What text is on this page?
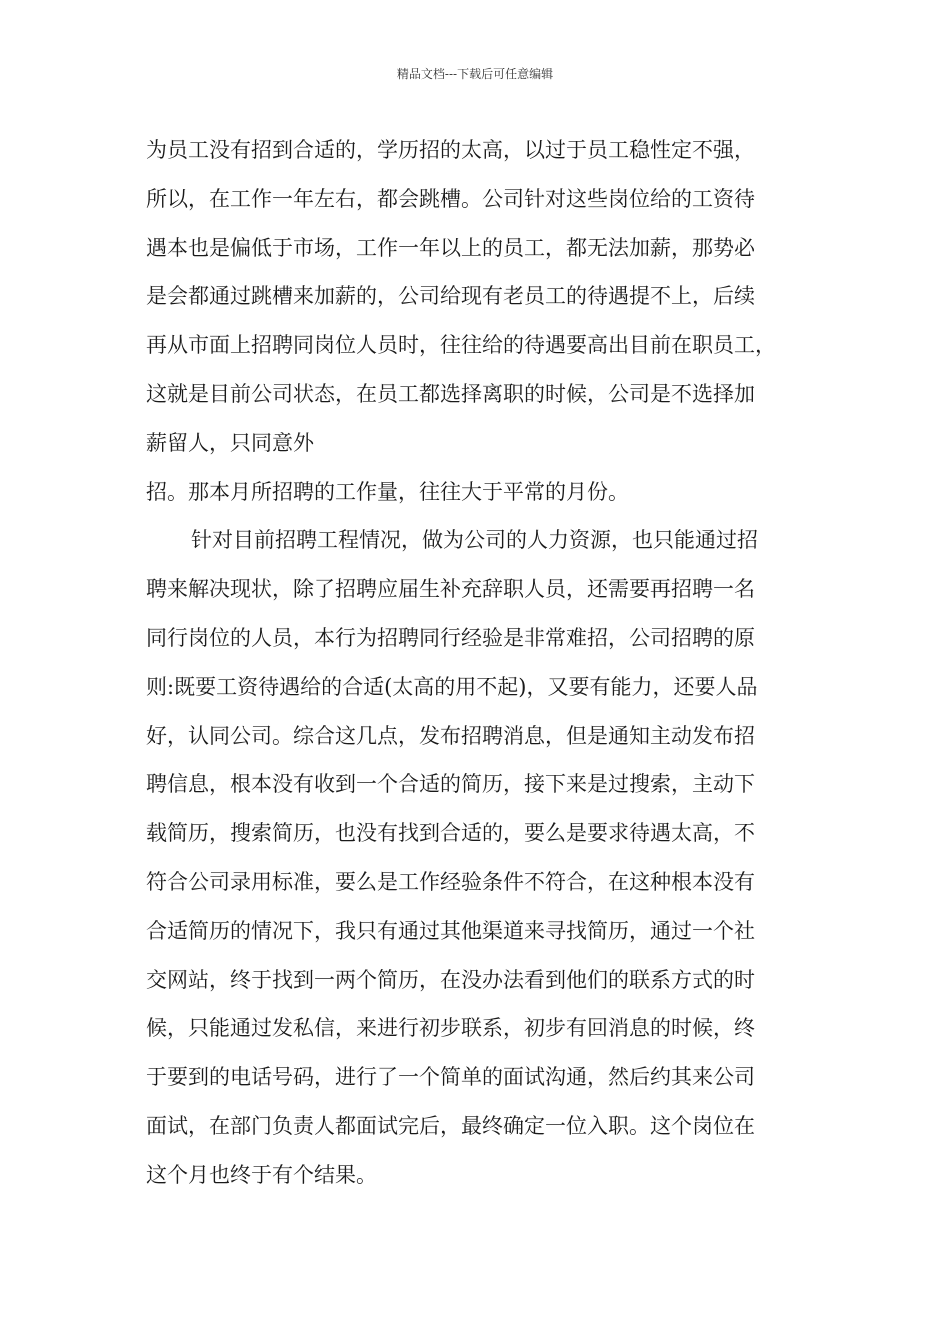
精品文档---下载后可任意编辑
为员工没有招到合适的，学历招的太高，以过于员工稳性定不强，
所以，在工作一年左右，都会跳槽。公司针对这些岗位给的工资待
遇本也是偏低于市场，工作一年以上的员工，都无法加薪，那势必
是会都通过跳槽来加薪的，公司给现有老员工的待遇提不上，后续
再从市面上招聘同岗位人员时，往往给的待遇要高出目前在职员工，
这就是目前公司状态，在员工都选择离职的时候，公司是不选择加
薪留人，只同意外
招。那本月所招聘的工作量，往往大于平常的月份。
针对目前招聘工程情况，做为公司的人力资源，也只能通过招
聘来解决现状，除了招聘应届生补充辞职人员，还需要再招聘一名
同行岗位的人员，本行为招聘同行经验是非常难招，公司招聘的原
则:既要工资待遇给的合适(太高的用不起)，又要有能力，还要人品
好，认同公司。综合这几点，发布招聘消息，但是通知主动发布招
聘信息，根本没有收到一个合适的简历，接下来是过搜索，主动下
载简历，搜索简历，也没有找到合适的，要么是要求待遇太高，不
符合公司录用标准，要么是工作经验条件不符合，在这种根本没有
合适简历的情况下，我只有通过其他渠道来寻找简历，通过一个社
交网站，终于找到一两个简历，在没办法看到他们的联系方式的时
候，只能通过发私信，来进行初步联系，初步有回消息的时候，终
于要到的电话号码，进行了一个简单的面试沟通，然后约其来公司
面试，在部门负责人都面试完后，最终确定一位入职。这个岗位在
这个月也终于有个结果。
